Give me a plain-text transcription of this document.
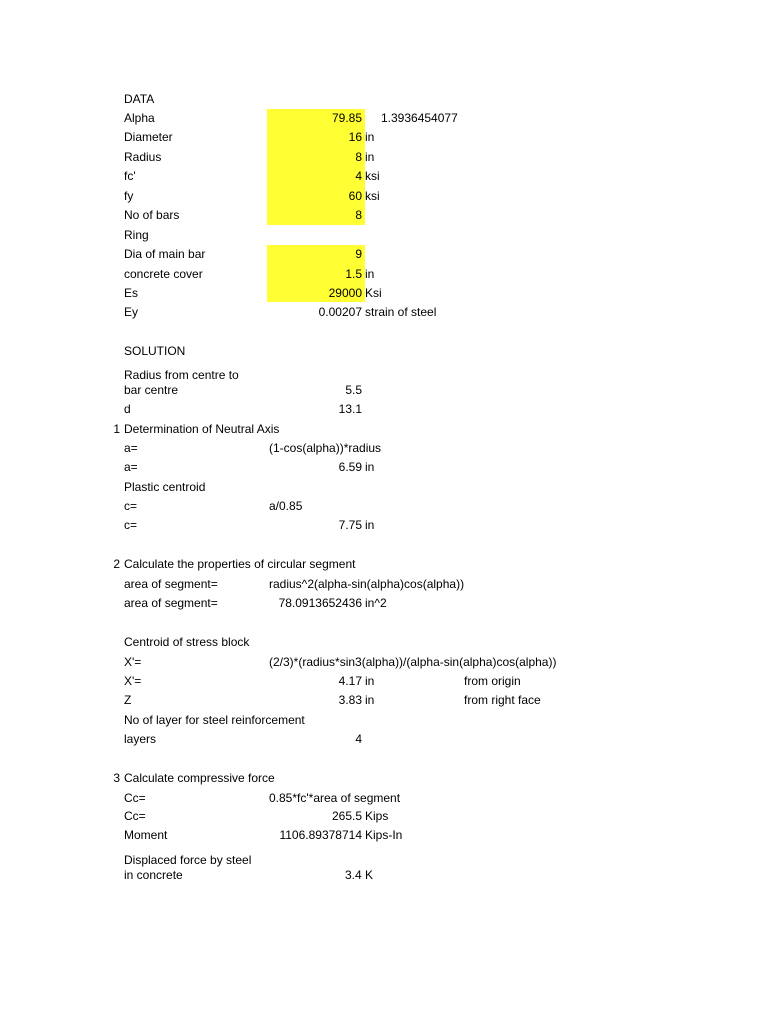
DATA
Alpha	79.85 1.3936454077
Diameter	16 in
Radius	8 in
fc'	4 ksi
fy	60 ksi
No of bars	8
Ring
Dia of main bar	9
concrete cover	1.5 in
Es	29000 Ksi
Ey	0.00207 strain of steel
SOLUTION
Radius from centre to
bar centre	5.5
d	13.1
1 Determination of Neutral Axis
a=	(1-cos(alpha))*radius
a=	6.59 in
Plastic centroid
c=	a/0.85
c=	7.75 in
2 Calculate the properties of circular segment
area of segment=	radius^2(alpha-sin(alpha)cos(alpha))
area of segment=	78.0913652436 in^2
Centroid of stress block
X'=	(2/3)*(radius*sin3(alpha))/(alpha-sin(alpha)cos(alpha))
X'=	4.17 in	from origin
Z	3.83 in	from right face
No of layer for steel reinforcement
layers	4
3 Calculate compressive force
Cc=	0.85*fc'*area of segment
Cc=	265.5 Kips
Moment	1106.89378714 Kips-In
Displaced force by steel
in concrete	3.4 K
